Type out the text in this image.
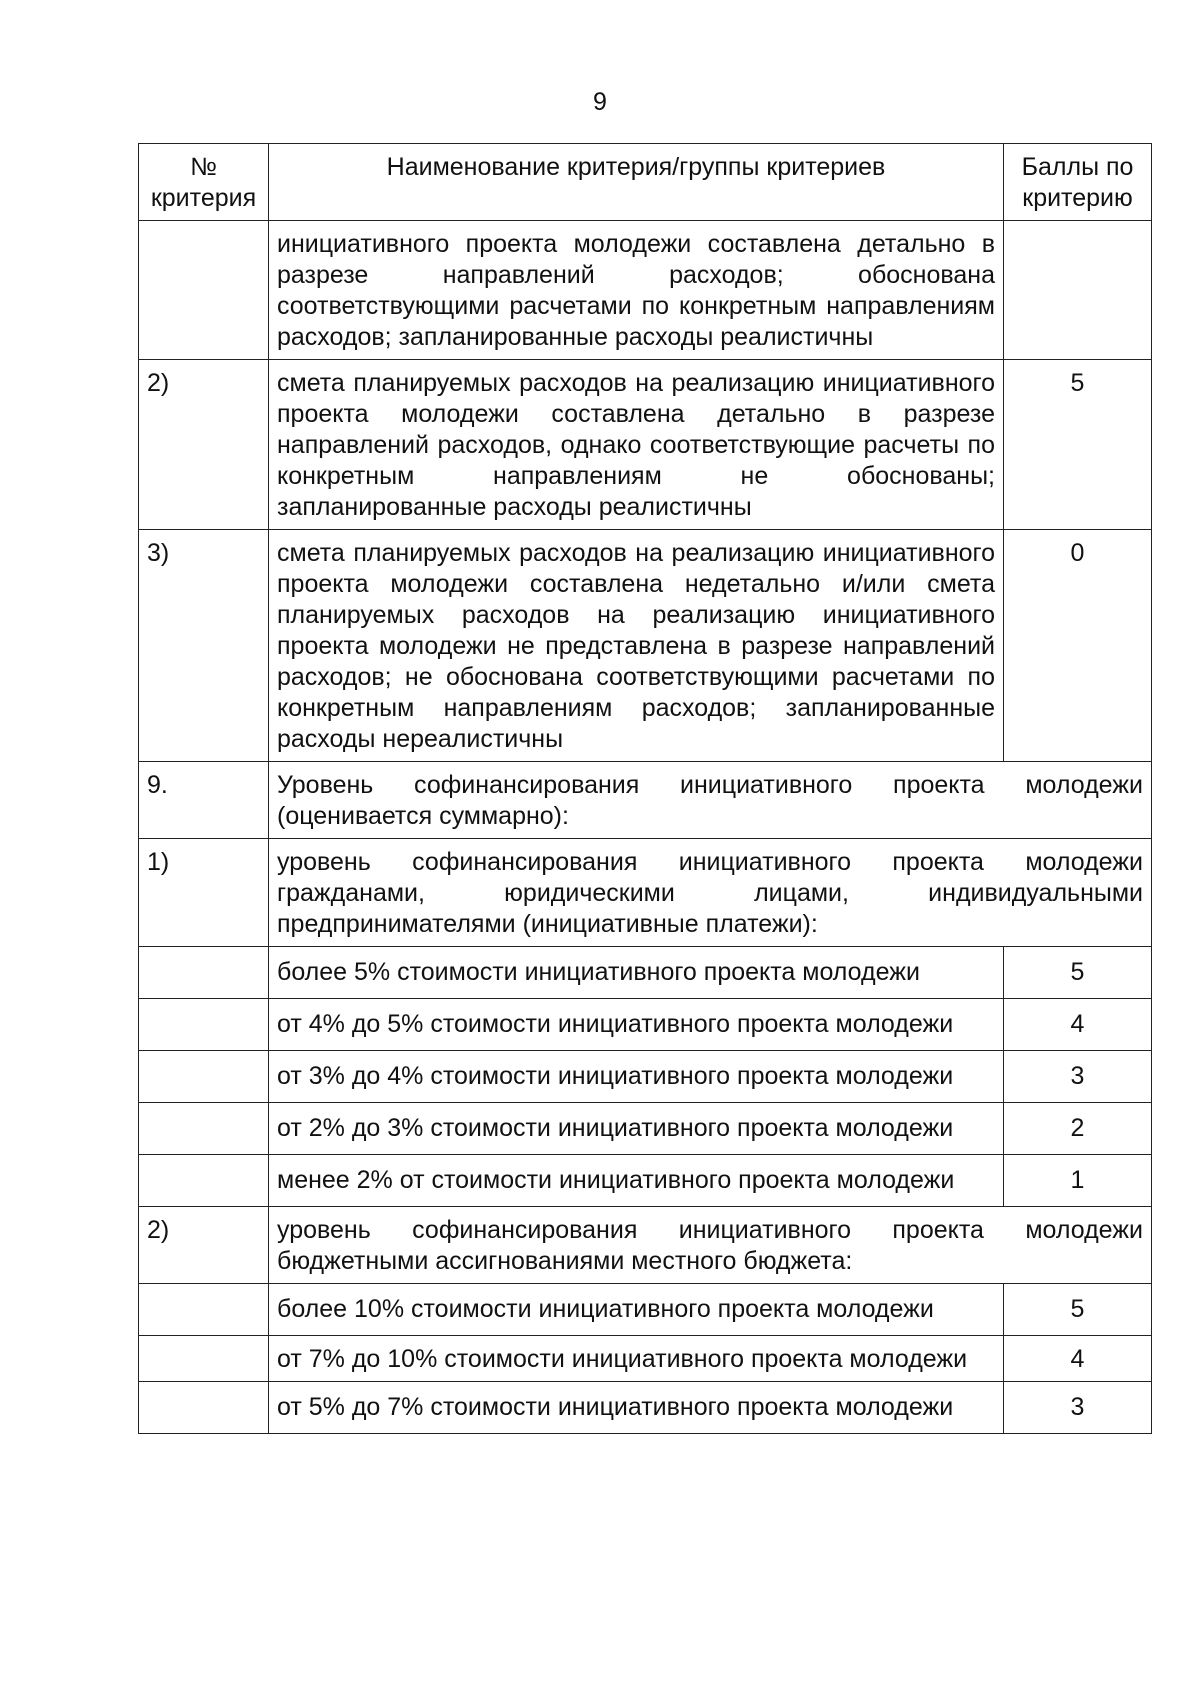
9
№ критерия	Наименование критерия/группы критериев	Баллы по критерию
	инициативного проекта молодежи составлена детально в разрезе направлений расходов; обоснована соответствующими расчетами по конкретным направлениям расходов; запланированные расходы реалистичны	
2)	смета планируемых расходов на реализацию инициативного проекта молодежи составлена детально в разрезе направлений расходов, однако соответствующие расчеты по конкретным направлениям не обоснованы; запланированные расходы реалистичны	5
3)	смета планируемых расходов на реализацию инициативного проекта молодежи составлена недетально и/или смета планируемых расходов на реализацию инициативного проекта молодежи не представлена в разрезе направлений расходов; не обоснована соответствующими расчетами по конкретным направлениям расходов; запланированные расходы нереалистичны	0
9.	Уровень софинансирования инициативного проекта молодежи (оценивается суммарно):	
1)	уровень софинансирования инициативного проекта молодежи гражданами, юридическими лицами, индивидуальными предпринимателями (инициативные платежи):	
	более 5% стоимости инициативного проекта молодежи	5
	от 4% до 5% стоимости инициативного проекта молодежи	4
	от 3% до 4% стоимости инициативного проекта молодежи	3
	от 2% до 3% стоимости инициативного проекта молодежи	2
	менее 2% от стоимости инициативного проекта молодежи	1
2)	уровень софинансирования инициативного проекта молодежи бюджетными ассигнованиями местного бюджета:	
	более 10% стоимости инициативного проекта молодежи	5
	от 7% до 10% стоимости инициативного проекта молодежи	4
	от 5% до 7% стоимости инициативного проекта молодежи	3
